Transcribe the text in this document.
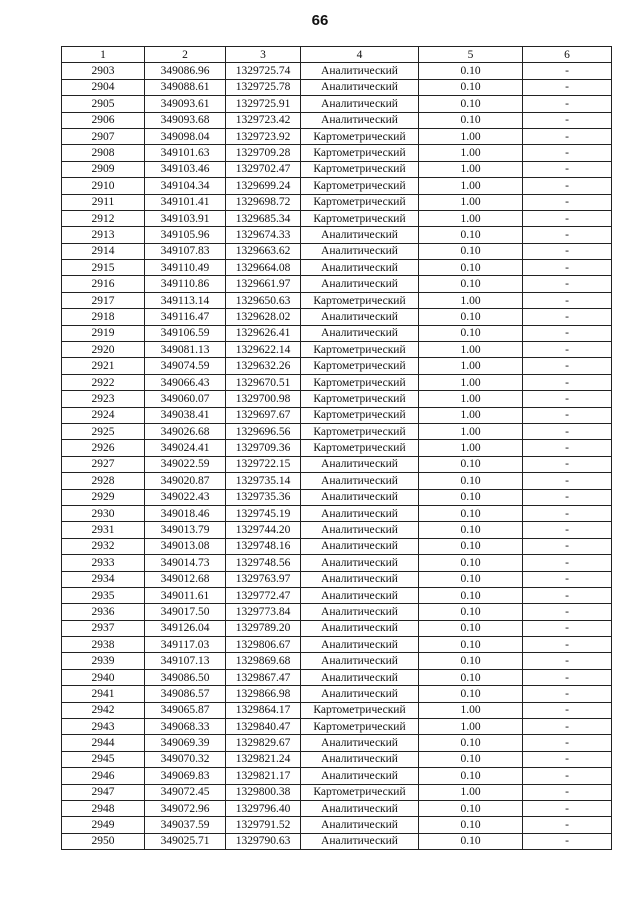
66
1	2	3	4	5	6
2903	349086.96	1329725.74	Аналитический	0.10	-
2904	349088.61	1329725.78	Аналитический	0.10	-
2905	349093.61	1329725.91	Аналитический	0.10	-
2906	349093.68	1329723.42	Аналитический	0.10	-
2907	349098.04	1329723.92	Картометрический	1.00	-
2908	349101.63	1329709.28	Картометрический	1.00	-
2909	349103.46	1329702.47	Картометрический	1.00	-
2910	349104.34	1329699.24	Картометрический	1.00	-
2911	349101.41	1329698.72	Картометрический	1.00	-
2912	349103.91	1329685.34	Картометрический	1.00	-
2913	349105.96	1329674.33	Аналитический	0.10	-
2914	349107.83	1329663.62	Аналитический	0.10	-
2915	349110.49	1329664.08	Аналитический	0.10	-
2916	349110.86	1329661.97	Аналитический	0.10	-
2917	349113.14	1329650.63	Картометрический	1.00	-
2918	349116.47	1329628.02	Аналитический	0.10	-
2919	349106.59	1329626.41	Аналитический	0.10	-
2920	349081.13	1329622.14	Картометрический	1.00	-
2921	349074.59	1329632.26	Картометрический	1.00	-
2922	349066.43	1329670.51	Картометрический	1.00	-
2923	349060.07	1329700.98	Картометрический	1.00	-
2924	349038.41	1329697.67	Картометрический	1.00	-
2925	349026.68	1329696.56	Картометрический	1.00	-
2926	349024.41	1329709.36	Картометрический	1.00	-
2927	349022.59	1329722.15	Аналитический	0.10	-
2928	349020.87	1329735.14	Аналитический	0.10	-
2929	349022.43	1329735.36	Аналитический	0.10	-
2930	349018.46	1329745.19	Аналитический	0.10	-
2931	349013.79	1329744.20	Аналитический	0.10	-
2932	349013.08	1329748.16	Аналитический	0.10	-
2933	349014.73	1329748.56	Аналитический	0.10	-
2934	349012.68	1329763.97	Аналитический	0.10	-
2935	349011.61	1329772.47	Аналитический	0.10	-
2936	349017.50	1329773.84	Аналитический	0.10	-
2937	349126.04	1329789.20	Аналитический	0.10	-
2938	349117.03	1329806.67	Аналитический	0.10	-
2939	349107.13	1329869.68	Аналитический	0.10	-
2940	349086.50	1329867.47	Аналитический	0.10	-
2941	349086.57	1329866.98	Аналитический	0.10	-
2942	349065.87	1329864.17	Картометрический	1.00	-
2943	349068.33	1329840.47	Картометрический	1.00	-
2944	349069.39	1329829.67	Аналитический	0.10	-
2945	349070.32	1329821.24	Аналитический	0.10	-
2946	349069.83	1329821.17	Аналитический	0.10	-
2947	349072.45	1329800.38	Картометрический	1.00	-
2948	349072.96	1329796.40	Аналитический	0.10	-
2949	349037.59	1329791.52	Аналитический	0.10	-
2950	349025.71	1329790.63	Аналитический	0.10	-
